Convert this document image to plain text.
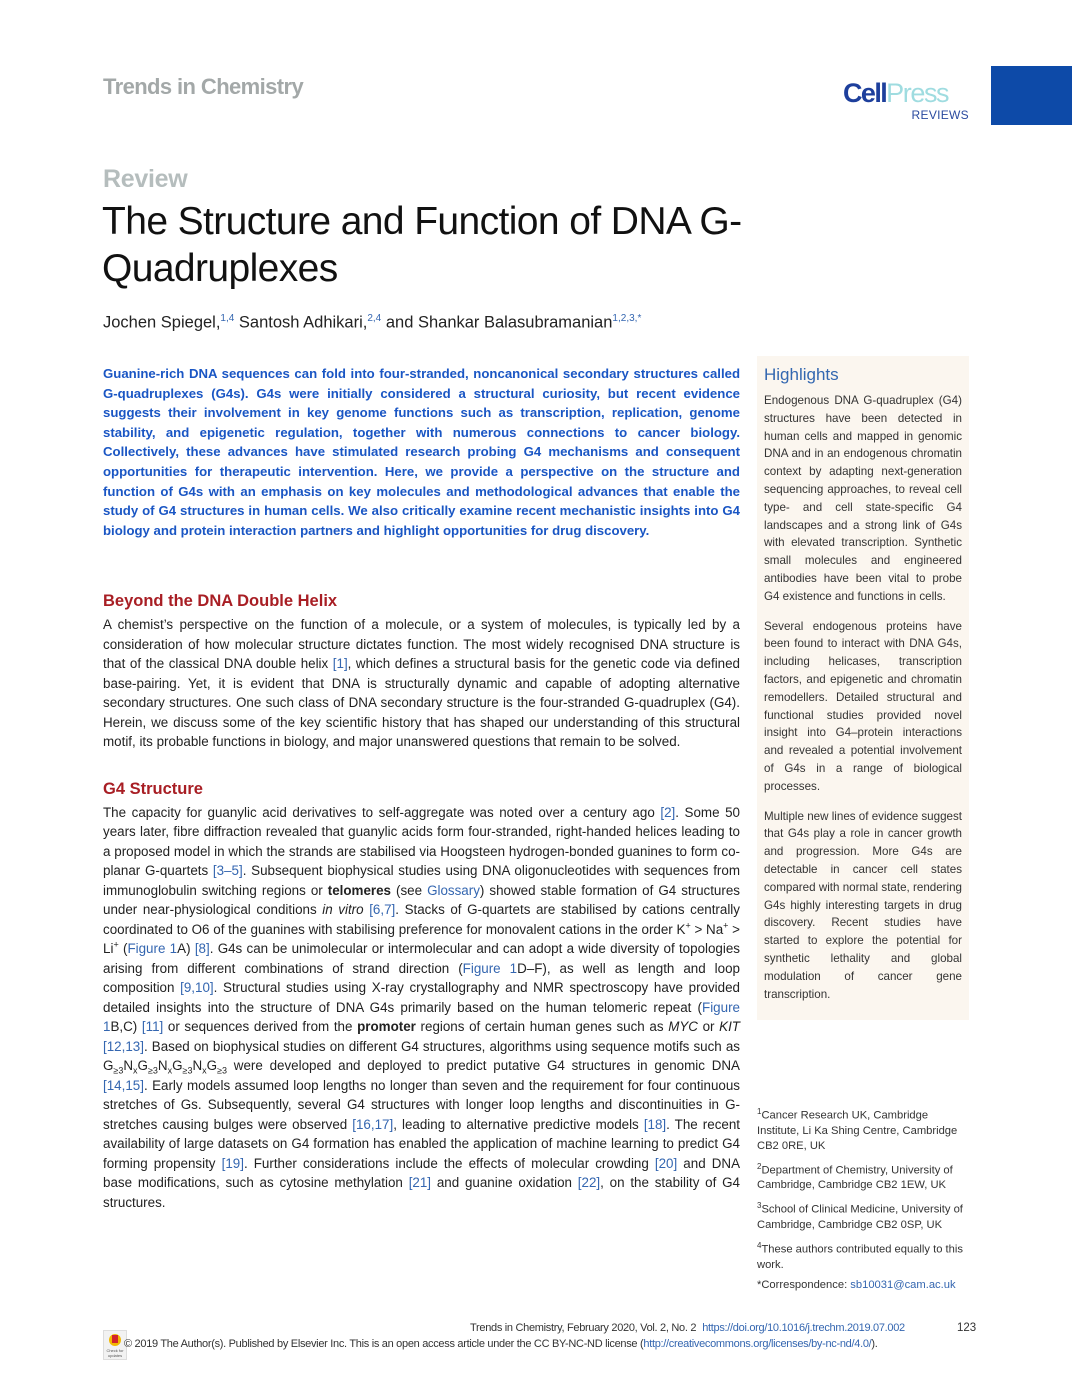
Trends in Chemistry	CellPress
REVIEWS
Review
The Structure and Function of DNA G-Quadruplexes
Jochen Spiegel,$^{1,4}$ Santosh Adhikari,$^{2,4}$ and Shankar Balasubramanian$^{1,2,3,*}$
Guanine-rich DNA sequences can fold into four-stranded, noncanonical secondary structures called G-quadruplexes (G4s). G4s were initially considered a structural curiosity, but recent evidence suggests their involvement in key genome functions such as transcription, replication, genome stability, and epigenetic regulation, together with numerous connections to cancer biology. Collectively, these advances have stimulated research probing G4 mechanisms and consequent opportunities for therapeutic intervention. Here, we provide a perspective on the structure and function of G4s with an emphasis on key molecules and methodological advances that enable the study of G4 structures in human cells. We also critically examine recent mechanistic insights into G4 biology and protein interaction partners and highlight opportunities for drug discovery.
Highlights

Endogenous DNA G-quadruplex (G4) structures have been detected in human cells and mapped in genomic DNA and in an endogenous chromatin context by adapting next-generation sequencing approaches, to reveal cell type- and cell state-specific G4 landscapes and a strong link of G4s with elevated transcription. Synthetic small molecules and engineered antibodies have been vital to probe G4 existence and functions in cells.

Several endogenous proteins have been found to interact with DNA G4s, including helicases, transcription factors, and epigenetic and chromatin remodellers. Detailed structural and functional studies provided novel insight into G4–protein interactions and revealed a potential involvement of G4s in a range of biological processes.

Multiple new lines of evidence suggest that G4s play a role in cancer growth and progression. More G4s are detectable in cancer cell states compared with normal state, rendering G4s highly interesting targets in drug discovery. Recent studies have started to explore the potential for synthetic lethality and global modulation of cancer gene transcription.

Beyond the DNA Double Helix
A chemist’s perspective on the function of a molecule, or a system of molecules, is typically led by a consideration of how molecular structure dictates function. The most widely recognised DNA structure is that of the classical DNA double helix [1], which defines a structural basis for the genetic code via defined base-pairing. Yet, it is evident that DNA is structurally dynamic and capable of adopting alternative secondary structures. One such class of DNA secondary structure is the four-stranded G-quadruplex (G4). Herein, we discuss some of the key scientific history that has shaped our understanding of this structural motif, its probable functions in biology, and major unanswered questions that remain to be solved.
G4 Structure
The capacity for guanylic acid derivatives to self-aggregate was noted over a century ago [2]. Some 50 years later, fibre diffraction revealed that guanylic acids form four-stranded, right-handed helices leading to a proposed model in which the strands are stabilised via Hoogsteen hydrogen-bonded guanines to form co-planar G-quartets [3–5]. Subsequent biophysical studies using DNA oligonucleotides with sequences from immunoglobulin switching regions or telomeres (see Glossary) showed stable formation of G4 structures under near-physiological conditions in vitro [6,7]. Stacks of G-quartets are stabilised by cations centrally coordinated to O6 of the guanines with stabilising preference for monovalent cations in the order K+ > Na+ > Li+ (Figure 1A) [8]. G4s can be unimolecular or intermolecular and can adopt a wide diversity of topologies arising from different combinations of strand direction (Figure 1D–F), as well as length and loop composition [9,10]. Structural studies using X-ray crystallography and NMR spectroscopy have provided detailed insights into the structure of DNA G4s primarily based on the human telomeric repeat (Figure 1B,C) [11] or sequences derived from the promoter regions of certain human genes such as MYC or KIT [12,13]. Based on biophysical studies on different G4 structures, algorithms using sequence motifs such as $G_{\ge 3}N_xG_{\ge 3}N_xG_{\ge 3}N_xG_{\ge 3}$ were developed and deployed to predict putative G4 structures in genomic DNA [14,15]. Early models assumed loop lengths no longer than seven and the requirement for four continuous stretches of Gs. Subsequently, several G4 structures with longer loop lengths and discontinuities in G-stretches causing bulges were observed [16,17], leading to alternative predictive models [18]. The recent availability of large datasets on G4 formation has enabled the application of machine learning to predict G4 forming propensity [19]. Further considerations include the effects of molecular crowding [20] and DNA base modifications, such as cytosine methylation [21] and guanine oxidation [22], on the stability of G4 structures.

$^1$Cancer Research UK, Cambridge Institute, Li Ka Shing Centre, Cambridge CB2 0RE, UK

$^2$Department of Chemistry, University of Cambridge, Cambridge CB2 1EW, UK

$^3$School of Clinical Medicine, University of Cambridge, Cambridge CB2 0SP, UK

$^4$These authors contributed equally to this work.

*Correspondence: sb10031@cam.ac.uk

Check for updates
Trends in Chemistry, February 2020, Vol. 2, No. 2 https://doi.org/10.1016/j.trechm.2019.07.002	123
© 2019 The Author(s). Published by Elsevier Inc. This is an open access article under the CC BY-NC-ND license (http://creativecommons.org/licenses/by-nc-nd/4.0/).
